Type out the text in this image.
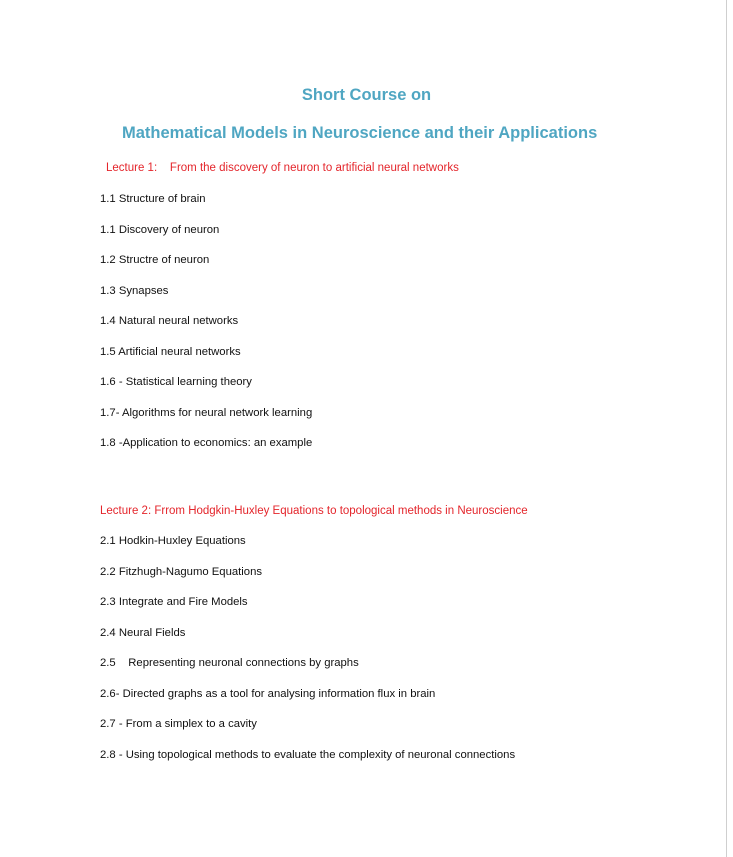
Short Course on
Mathematical Models in Neuroscience and their Applications
Lecture 1:    From the discovery of neuron to artificial neural networks
1.1 Structure of brain
1.1 Discovery of neuron
1.2 Structre of neuron
1.3 Synapses
1.4 Natural neural networks
1.5 Artificial neural networks
1.6 - Statistical learning theory
1.7- Algorithms for neural network learning
1.8 -Application to economics: an example
Lecture 2: Frrom Hodgkin-Huxley Equations to topological methods in Neuroscience
2.1 Hodkin-Huxley Equations
2.2 Fitzhugh-Nagumo Equations
2.3 Integrate and Fire Models
2.4 Neural Fields
2.5    Representing neuronal connections by graphs
2.6- Directed graphs as a tool for analysing information flux in brain
2.7 - From a simplex to a cavity
2.8 - Using topological methods to evaluate the complexity of neuronal connections
